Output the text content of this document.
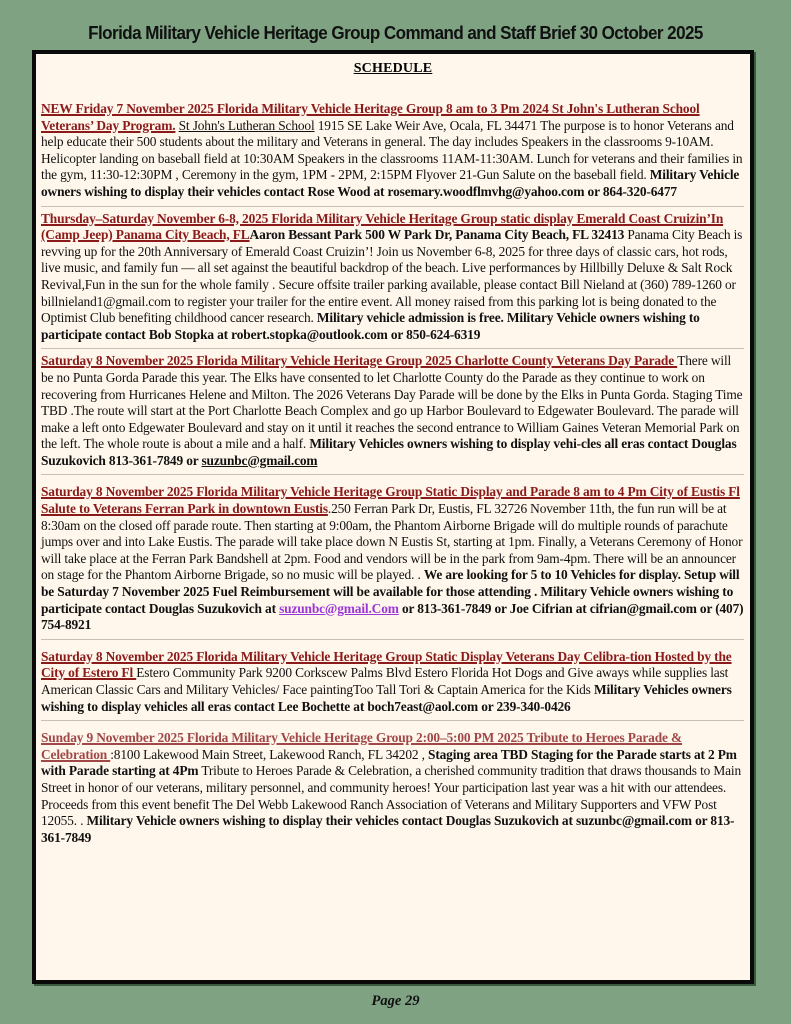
Florida Military Vehicle Heritage Group Command and Staff Brief 30 October 2025
SCHEDULE
NEW Friday 7 November 2025 Florida Military Vehicle Heritage Group 8 am to 3 Pm 2024 St John's Lutheran School Veterans’ Day Program. St John's Lutheran School 1915 SE Lake Weir Ave, Ocala, FL 34471 The purpose is to honor Veterans and help educate their 500 students about the military and Veterans in general. The day includes Speakers in the classrooms 9-10AM. Helicopter landing on baseball field at 10:30AM Speakers in the classrooms 11AM-11:30AM. Lunch for veterans and their families in the gym, 11:30-12:30PM , Ceremony in the gym, 1PM - 2PM, 2:15PM Flyover 21-Gun Salute on the baseball field. Military Vehicle owners wishing to display their vehicles contact Rose Wood at rosemary.woodflmvhg@yahoo.com or 864-320-6477
Thursday–Saturday November 6-8, 2025 Florida Military Vehicle Heritage Group static display Emerald Coast Cruizin’In (Camp Jeep) Panama City Beach, FLAaron Bessant Park 500 W Park Dr, Panama City Beach, FL 32413 Panama City Beach is revving up for the 20th Anniversary of Emerald Coast Cruizin’! Join us November 6-8, 2025 for three days of classic cars, hot rods, live music, and family fun — all set against the beautiful backdrop of the beach. Live performances by Hillbilly Deluxe & Salt Rock Revival,Fun in the sun for the whole family . Secure offsite trailer parking available, please contact Bill Nieland at (360) 789-1260 or billnieland1@gmail.com to register your trailer for the entire event. All money raised from this parking lot is being donated to the Optimist Club benefiting childhood cancer research. Military vehicle admission is free. Military Vehicle owners wishing to participate contact Bob Stopka at robert.stopka@outlook.com or 850-624-6319
Saturday 8 November 2025 Florida Military Vehicle Heritage Group 2025 Charlotte County Veterans Day Parade There will be no Punta Gorda Parade this year. The Elks have consented to let Charlotte County do the Parade as they continue to work on recovering from Hurricanes Helene and Milton. The 2026 Veterans Day Parade will be done by the Elks in Punta Gorda. Staging Time TBD .The route will start at the Port Charlotte Beach Complex and go up Harbor Boulevard to Edgewater Boulevard. The parade will make a left onto Edgewater Boulevard and stay on it until it reaches the second entrance to William Gaines Veteran Memorial Park on the left. The whole route is about a mile and a half. Military Vehicles owners wishing to display vehi-cles all eras contact Douglas Suzukovich 813-361-7849 or suzunbc@gmail.com
Saturday 8 November 2025 Florida Military Vehicle Heritage Group Static Display and Parade 8 am to 4 Pm City of Eustis Fl Salute to Veterans Ferran Park in downtown Eustis.250 Ferran Park Dr, Eustis, FL 32726 November 11th, the fun run will be at 8:30am on the closed off parade route. Then starting at 9:00am, the Phantom Airborne Brigade will do multiple rounds of parachute jumps over and into Lake Eustis. The parade will take place down N Eustis St, starting at 1pm. Finally, a Veterans Ceremony of Honor will take place at the Ferran Park Bandshell at 2pm. Food and vendors will be in the park from 9am-4pm. There will be an announcer on stage for the Phantom Airborne Brigade, so no music will be played. . We are looking for 5 to 10 Vehicles for display. Setup will be Saturday 7 November 2025 Fuel Reimbursement will be available for those attending . Military Vehicle owners wishing to participate contact Douglas Suzukovich at suzunbc@gmail.Com or 813-361-7849 or Joe Cifrian at cifrian@gmail.com or (407) 754-8921
Saturday 8 November 2025 Florida Military Vehicle Heritage Group Static Display Veterans Day Celibra-tion Hosted by the City of Estero Fl Estero Community Park 9200 Corkscew Palms Blvd Estero Florida Hot Dogs and Give aways while supplies last American Classic Cars and Military Vehicles/ Face paintingToo Tall Tori & Captain America for the Kids Military Vehicles owners wishing to display vehicles all eras contact Lee Bochette at boch7east@aol.com or 239-340-0426
Sunday 9 November 2025 Florida Military Vehicle Heritage Group 2:00–5:00 PM 2025 Tribute to Heroes Parade & Celebration :8100 Lakewood Main Street, Lakewood Ranch, FL 34202 , Staging area TBD Staging for the Parade starts at 2 Pm with Parade starting at 4Pm Tribute to Heroes Parade & Celebration, a cherished community tradition that draws thousands to Main Street in honor of our veterans, military personnel, and community heroes! Your participation last year was a hit with our attendees. Proceeds from this event benefit The Del Webb Lakewood Ranch Association of Veterans and Military Supporters and VFW Post 12055. . Military Vehicle owners wishing to display their vehicles contact Douglas Suzukovich at suzunbc@gmail.com or 813-361-7849
Page 29
